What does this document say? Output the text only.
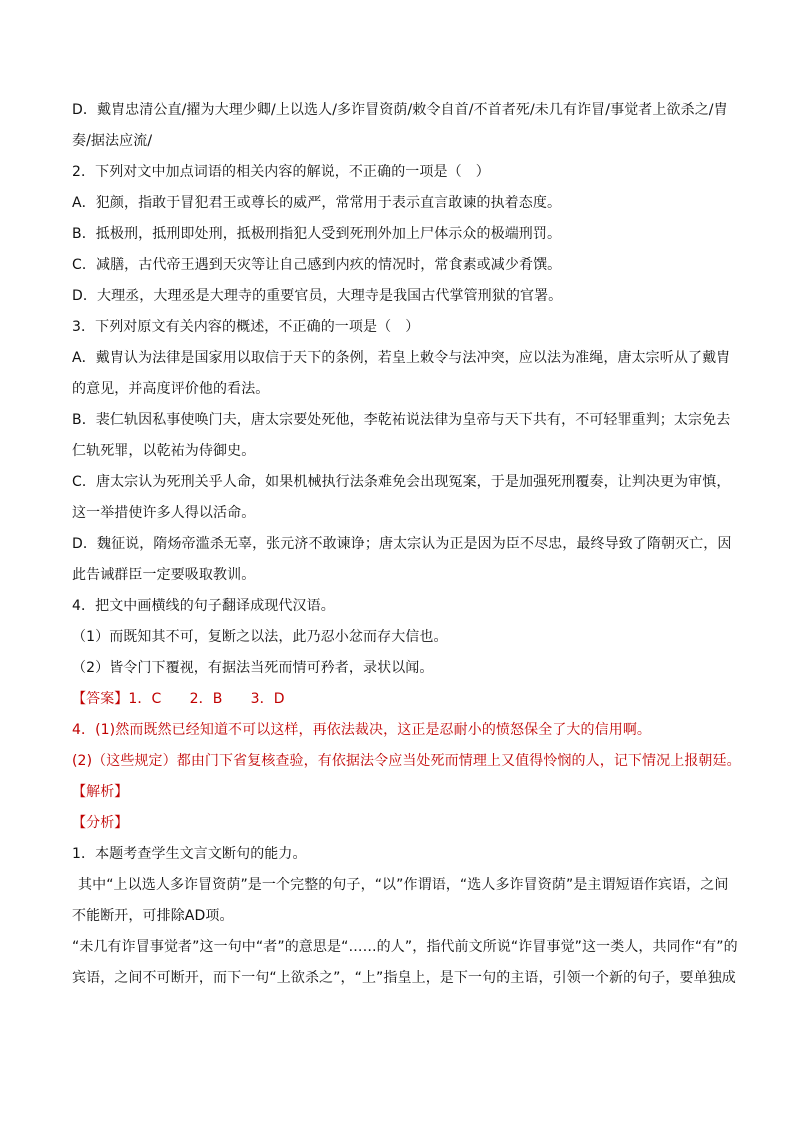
D．戴胄忠清公直/擢为大理少卿/上以选人/多诈冒资荫/敕令自首/不首者死/未几有诈冒/事觉者上欲杀之/胄
奏/据法应流/
2．下列对文中加点词语的相关内容的解说，不正确的一项是（　）
A．犯颜，指敢于冒犯君王或尊长的威严，常常用于表示直言敢谏的执着态度。
B．抵极刑，抵刑即处刑，抵极刑指犯人受到死刑外加上尸体示众的极端刑罚。
C．减膳，古代帝王遇到天灾等让自己感到内疚的情况时，常食素或减少肴馔。
D．大理丞，大理丞是大理寺的重要官员，大理寺是我国古代掌管刑狱的官署。
3．下列对原文有关内容的概述，不正确的一项是（　）
A．戴胄认为法律是国家用以取信于天下的条例，若皇上敕令与法冲突，应以法为准绳，唐太宗听从了戴胄
的意见，并高度评价他的看法。
B．裴仁轨因私事使唤门夫，唐太宗要处死他，李乾祐说法律为皇帝与天下共有，不可轻罪重判；太宗免去
仁轨死罪，以乾祐为侍御史。
C．唐太宗认为死刑关乎人命，如果机械执行法条难免会出现冤案，于是加强死刑覆奏，让判决更为审慎，
这一举措使许多人得以活命。
D．魏征说，隋炀帝滥杀无辜，张元济不敢谏诤；唐太宗认为正是因为臣不尽忠，最终导致了隋朝灭亡，因
此告诫群臣一定要吸取教训。
4．把文中画横线的句子翻译成现代汉语。
（1）而既知其不可，复断之以法，此乃忍小忿而存大信也。
（2）皆令门下覆视，有据法当死而情可矜者，录状以闻。
【答案】1．C　　2．B　　3．D
4．(1)然而既然已经知道不可以这样，再依法裁决，这正是忍耐小的愤怒保全了大的信用啊。
(2)（这些规定）都由门下省复核查验，有依据法令应当处死而情理上又值得怜悯的人，记下情况上报朝廷。
【解析】
【分析】
1．本题考查学生文言文断句的能力。
其中“上以选人多诈冒资荫”是一个完整的句子，“以”作谓语，“选人多诈冒资荫”是主谓短语作宾语，之间
不能断开，可排除AD项。
“未几有诈冒事觉者”这一句中“者”的意思是“……的人”，指代前文所说“诈冒事觉”这一类人，共同作“有”的
宾语，之间不可断开，而下一句“上欲杀之”，“上”指皇上，是下一句的主语，引领一个新的句子，要单独成
